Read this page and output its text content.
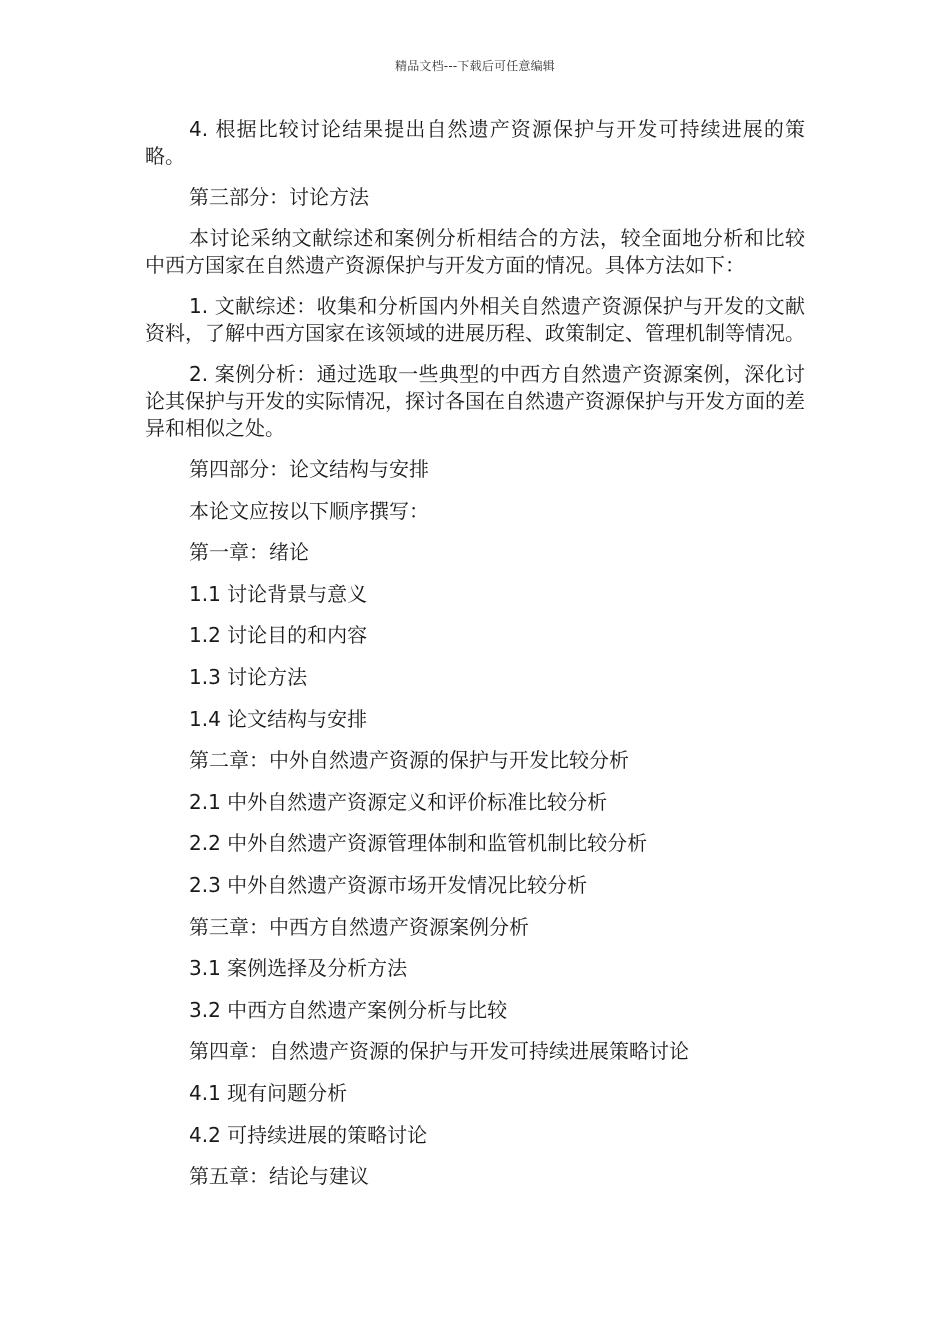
精品文档---下载后可任意编辑

4. 根据比较讨论结果提出自然遗产资源保护与开发可持续进展的策略。

第三部分：讨论方法

本讨论采纳文献综述和案例分析相结合的方法，较全面地分析和比较中西方国家在自然遗产资源保护与开发方面的情况。具体方法如下：

1. 文献综述：收集和分析国内外相关自然遗产资源保护与开发的文献资料，了解中西方国家在该领域的进展历程、政策制定、管理机制等情况。

2. 案例分析：通过选取一些典型的中西方自然遗产资源案例，深化讨论其保护与开发的实际情况，探讨各国在自然遗产资源保护与开发方面的差异和相似之处。

第四部分：论文结构与安排
本论文应按以下顺序撰写：
第一章：绪论
1.1 讨论背景与意义
1.2 讨论目的和内容
1.3 讨论方法
1.4 论文结构与安排
第二章：中外自然遗产资源的保护与开发比较分析
2.1 中外自然遗产资源定义和评价标准比较分析
2.2 中外自然遗产资源管理体制和监管机制比较分析
2.3 中外自然遗产资源市场开发情况比较分析
第三章：中西方自然遗产资源案例分析
3.1 案例选择及分析方法
3.2 中西方自然遗产案例分析与比较
第四章：自然遗产资源的保护与开发可持续进展策略讨论
4.1 现有问题分析
4.2 可持续进展的策略讨论
第五章：结论与建议
